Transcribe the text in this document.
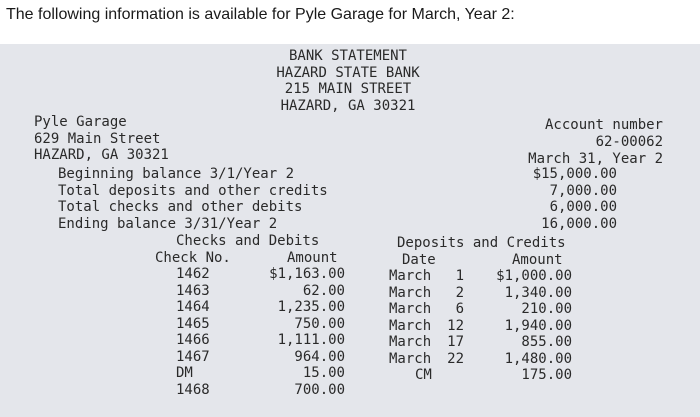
The following information is available for Pyle Garage for March, Year 2:
BANK STATEMENT
HAZARD STATE BANK
215 MAIN STREET
HAZARD, GA 30321
Pyle Garage
629 Main Street
HAZARD, GA 30321
Account number
62-00062
March 31, Year 2
Beginning balance 3/1/Year 2
Total deposits and other credits
Total checks and other debits
Ending balance 3/31/Year 2
$15,000.00
7,000.00
6,000.00
16,000.00
Checks and Debits
Check No.	Amount
1462
1463
1464
1465
1466
1467
DM
1468
$1,163.00
62.00
1,235.00
750.00
1,111.00
964.00
15.00
700.00
Deposits and Credits
Date	Amount
March
March
March
March
March
March
CM
1
2
6
12
17
22
$1,000.00
1,340.00
210.00
1,940.00
855.00
1,480.00
175.00
